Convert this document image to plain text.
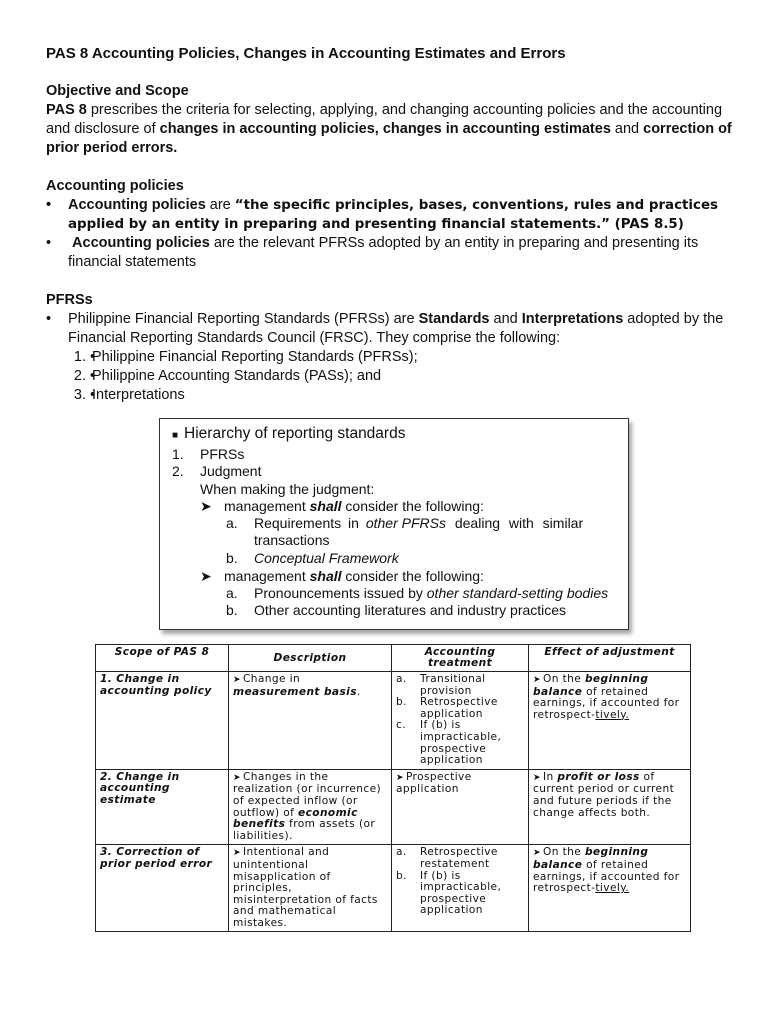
PAS 8 Accounting Policies, Changes in Accounting Estimates and Errors

Objective and Scope

PAS 8 prescribes the criteria for selecting, applying, and changing accounting policies and the accounting and disclosure of changes in accounting policies, changes in accounting estimates and correction of prior period errors.

Accounting policies

• Accounting policies are “the specific principles, bases, conventions, rules and practices applied by an entity in preparing and presenting financial statements.” (PAS 8.5)
• Accounting policies are the relevant PFRSs adopted by an entity in preparing and presenting its financial statements

PFRSs

• Philippine Financial Reporting Standards (PFRSs) are Standards and Interpretations adopted by the Financial Reporting Standards Council (FRSC). They comprise the following:
• 1. Philippine Financial Reporting Standards (PFRSs);
• 2. Philippine Accounting Standards (PASs); and
• 3. Interpretations
■ Hierarchy of reporting standards
1. PFRSs
2. Judgment
When making the judgment:
➤ management shall consider the following:
a. Requirements in other PFRSs dealing with similar
transactions
b. Conceptual Framework
➤ management shall consider the following:
a. Pronouncements issued by other standard-setting bodies
b. Other accounting literatures and industry practices
Scope of PAS 8	Description	Accounting treatment	Effect of adjustment
1. Change in accounting policy	➤ Change in measurement basis.	a. Transitional provision
b. Retrospective application
c. If (b) is impracticable, prospective application	➤ On the beginning balance of retained earnings, if accounted for retrospect-tively.
2. Change in accounting estimate	➤ Changes in the realization (or incurrence) of expected inflow (or outflow) of economic benefits from assets (or liabilities).	➤ Prospective application	➤ In profit or loss of current period or current and future periods if the change affects both.
3. Correction of prior period error	➤ Intentional and unintentional misapplication of principles, misinterpretation of facts and mathematical mistakes.	a. Retrospective restatement
b. If (b) is impracticable, prospective application	➤ On the beginning balance of retained earnings, if accounted for retrospect-tively.
